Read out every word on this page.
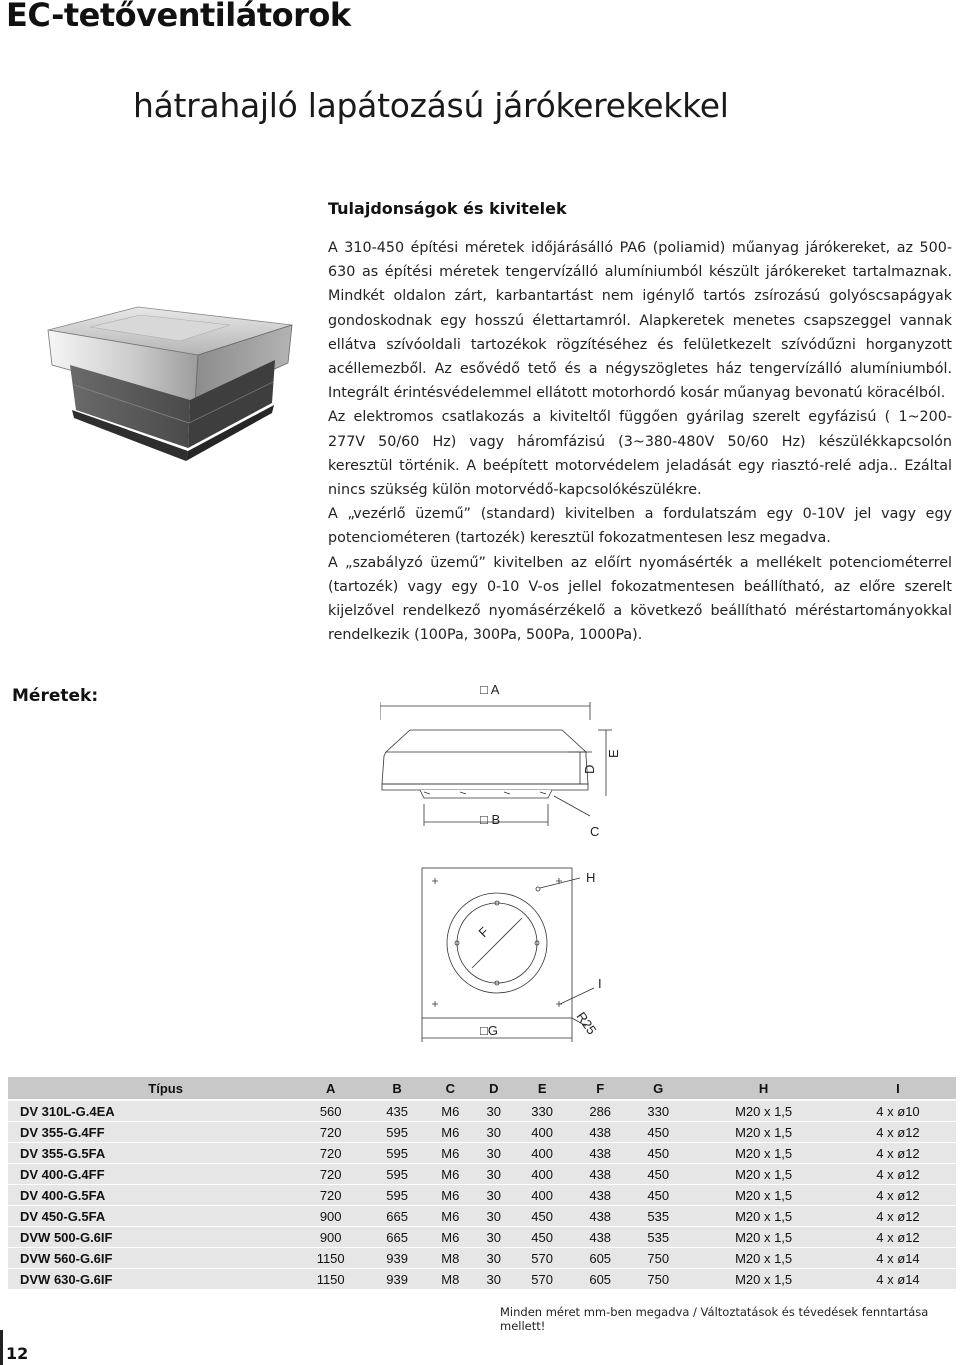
EC-tetőventilátorok
hátrahajló lapátozású járókerekekkel
Tulajdonságok és kivitelek

A 310-450 építési méretek időjárásálló PA6 (poliamid) műanyag járókereket, az 500-630 as építési méretek tengervízálló alumíniumból készült járókereket tartalmaznak. Mindkét oldalon zárt, karbantartást nem igénylő tartós zsírozású golyóscsapágyak gondoskodnak egy hosszú élettartamról. Alapkeretek menetes csapszeggel vannak ellátva szívóoldali tartozékok rögzítéséhez és felületkezelt szívódűzni horganyzott acéllemezből. Az esővédő tető és a négyszögletes ház tengervízálló alumíniumból. Integrált érintésvédelemmel ellátott motorhordó kosár műanyag bevonatú köracélból.

Az elektromos csatlakozás a kiviteltől függően gyárilag szerelt egyfázisú ( 1~200-277V 50/60 Hz) vagy háromfázisú (3~380-480V 50/60 Hz) készülékkapcsolón keresztül történik. A beépített motorvédelem jeladását egy riasztó-relé adja.. Ezáltal nincs szükség külön motorvédő-kapcsolókészülékre.

A „vezérlő üzemű” (standard) kivitelben a fordulatszám egy 0-10V jel vagy egy potenciométeren (tartozék) keresztül fokozatmentesen lesz megadva.

A „szabályzó üzemű” kivitelben az előírt nyomásérték a mellékelt potenciométerrel (tartozék) vagy egy 0-10 V-os jellel fokozatmentesen beállítható, az előre szerelt kijelzővel rendelkező nyomásérzékelő a következő beállítható méréstartományokkal rendelkezik (100Pa, 300Pa, 500Pa, 1000Pa).

Méretek:	□ A
D
E
□ B
C
H
F
I
□G	R25
Típus	A	B	C	D	E	F	G	H	I
DV 310L-G.4EA	560	435	M6	30	330	286	330	M20 x 1,5	4 x ø10
DV 355-G.4FF	720	595	M6	30	400	438	450	M20 x 1,5	4 x ø12
DV 355-G.5FA	720	595	M6	30	400	438	450	M20 x 1,5	4 x ø12
DV 400-G.4FF	720	595	M6	30	400	438	450	M20 x 1,5	4 x ø12
DV 400-G.5FA	720	595	M6	30	400	438	450	M20 x 1,5	4 x ø12
DV 450-G.5FA	900	665	M6	30	450	438	535	M20 x 1,5	4 x ø12
DVW 500-G.6IF	900	665	M6	30	450	438	535	M20 x 1,5	4 x ø12
DVW 560-G.6IF	1150	939	M8	30	570	605	750	M20 x 1,5	4 x ø14
DVW 630-G.6IF	1150	939	M8	30	570	605	750	M20 x 1,5	4 x ø14
Minden méret mm-ben megadva / Változtatások és tévedések fenntartása mellett!
12
